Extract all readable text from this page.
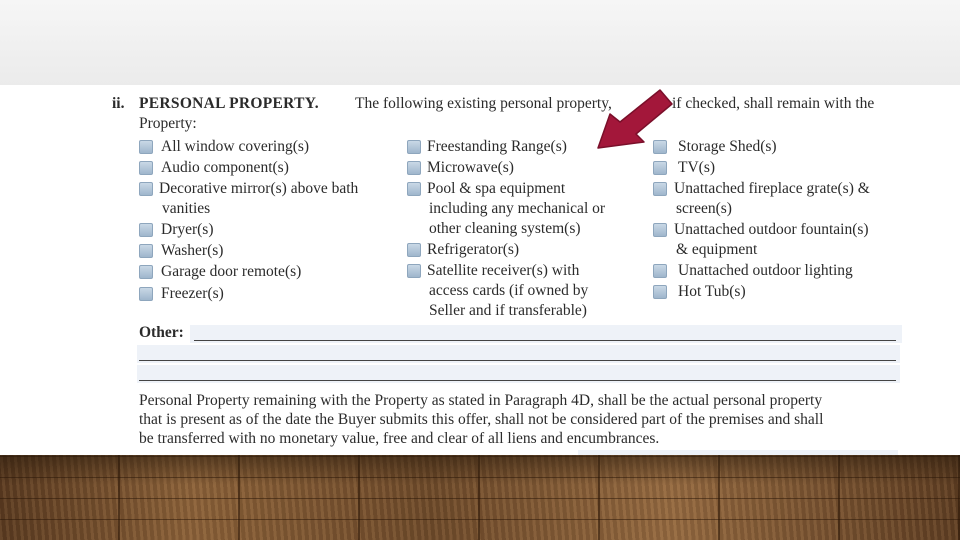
ii. PERSONAL PROPERTY. The following existing personal property,	if checked, shall remain with the
Property:
All window covering(s)
Audio component(s)
Decorative mirror(s) above bath
vanities
Dryer(s)
Washer(s)
Garage door remote(s)
Freezer(s)
Freestanding Range(s)
Microwave(s)
Pool & spa equipment
including any mechanical or
other cleaning system(s)
Refrigerator(s)
Satellite receiver(s) with
access cards (if owned by
Seller and if transferable)
Storage Shed(s)
TV(s)
Unattached fireplace grate(s) &
screen(s)
Unattached outdoor fountain(s)
& equipment
Unattached outdoor lighting
Hot Tub(s)
Other:
Personal Property remaining with the Property as stated in Paragraph 4D, shall be the actual personal property
that is present as of the date the Buyer submits this offer, shall not be considered part of the premises and shall
be transferred with no monetary value, free and clear of all liens and encumbrances.
